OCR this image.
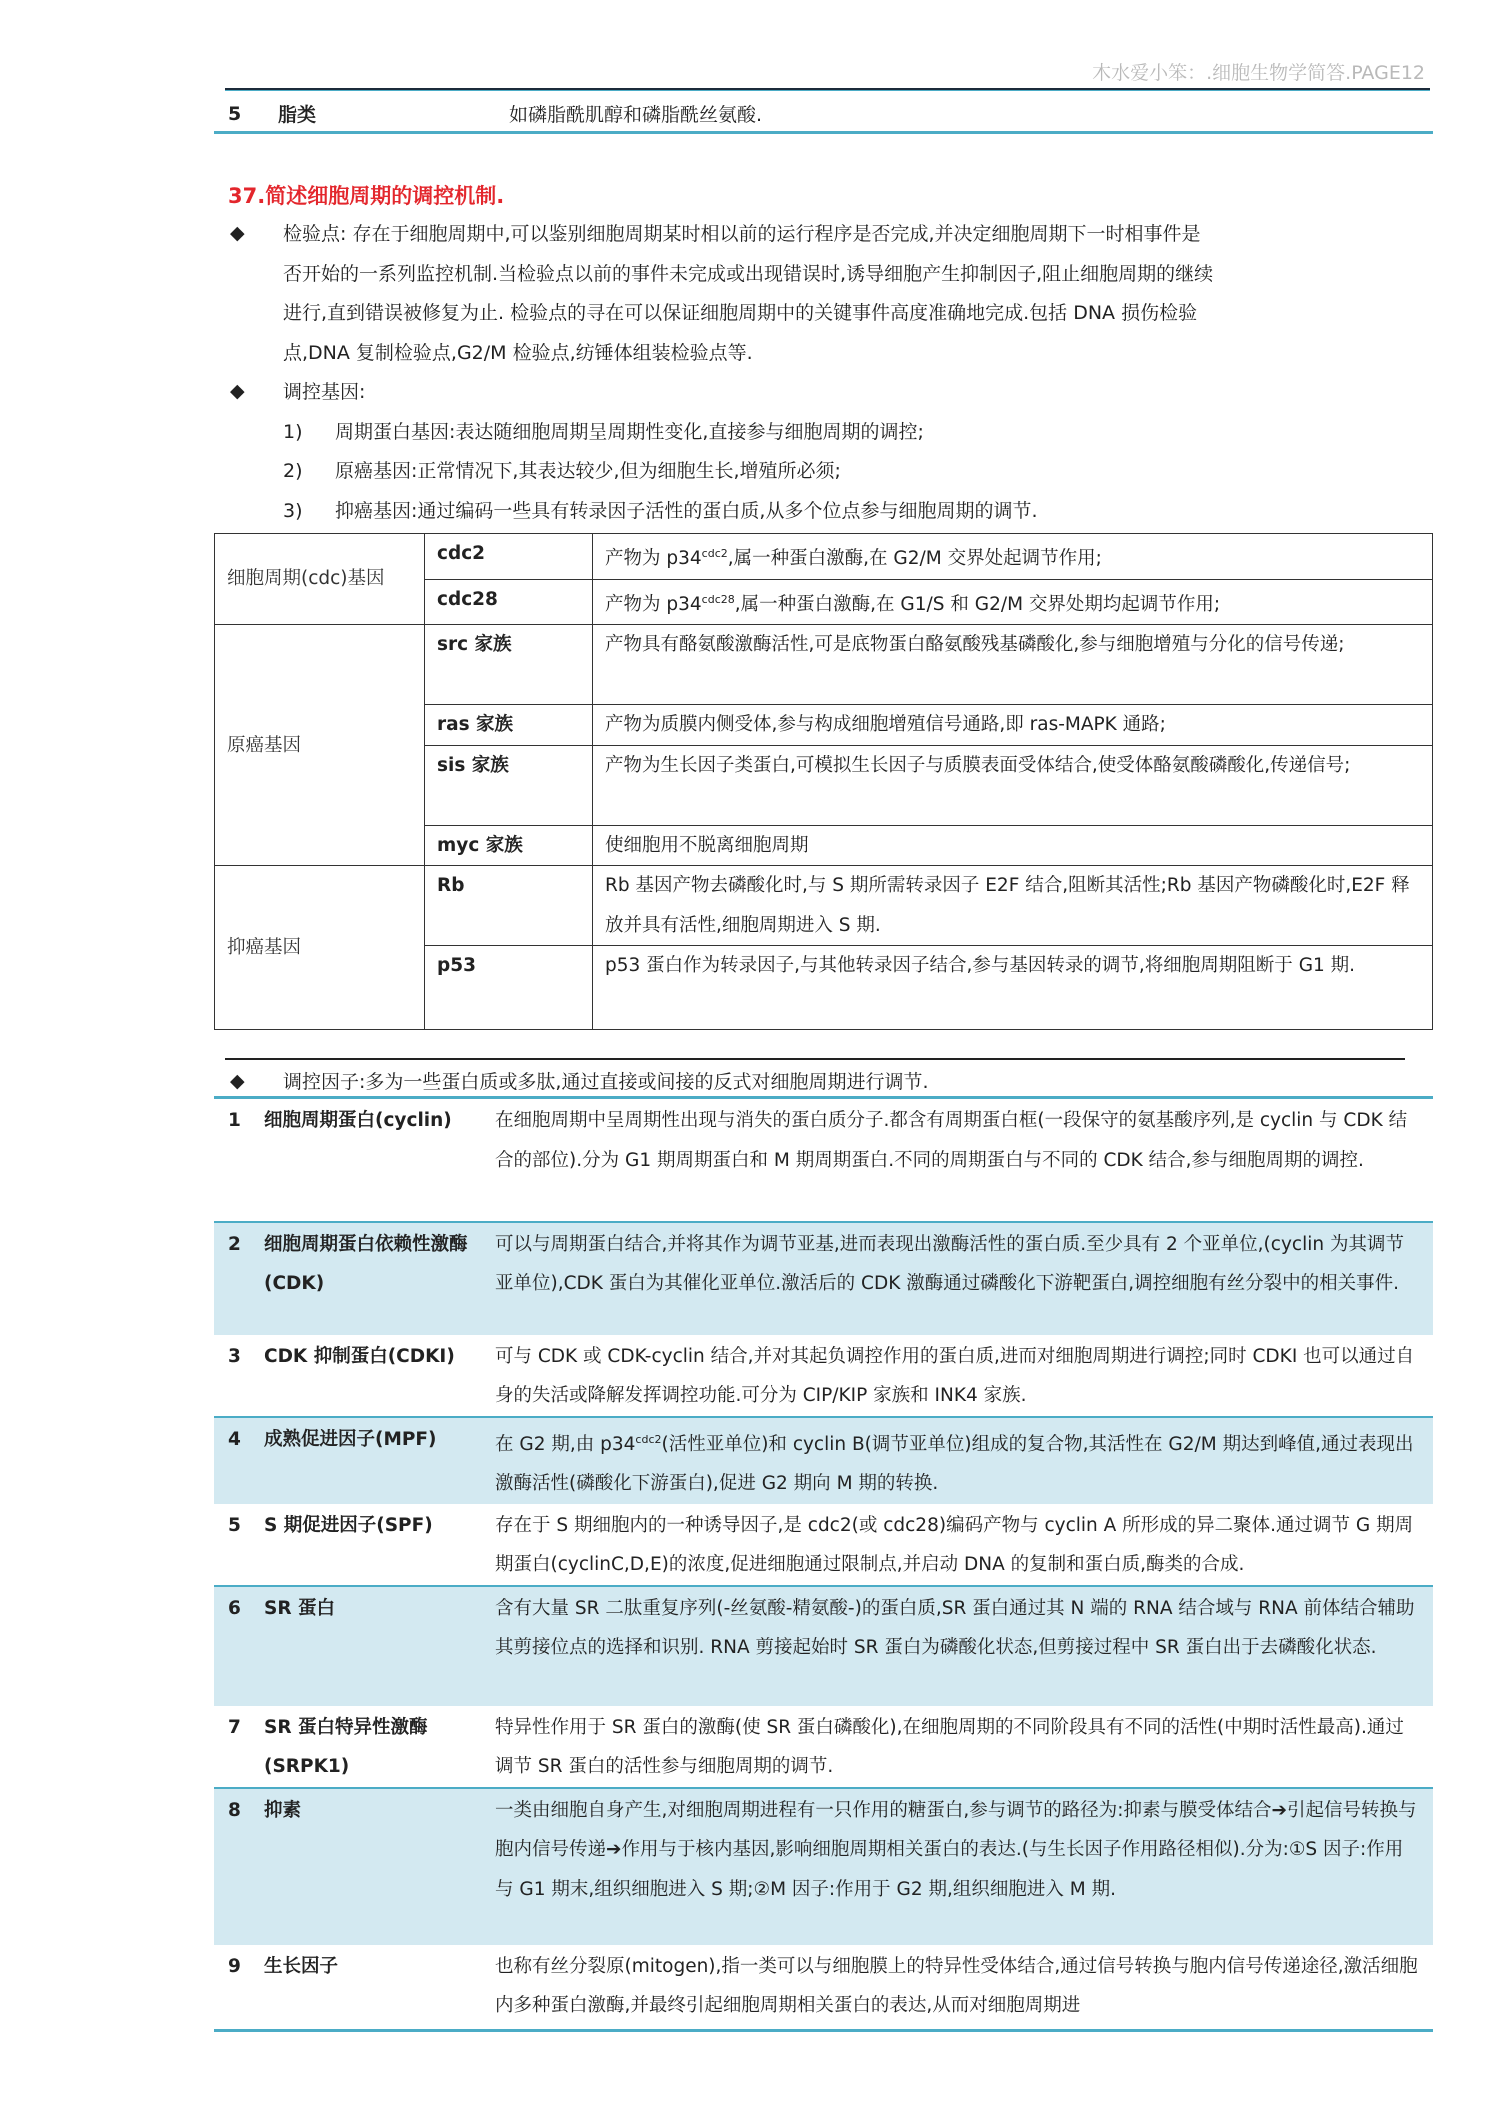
木水爱小笨：.细胞生物学简答.PAGE12
5	脂类	如磷脂酰肌醇和磷脂酰丝氨酸.
37.简述细胞周期的调控机制.
◆ 检验点: 存在于细胞周期中,可以鉴别细胞周期某时相以前的运行程序是否完成,并决定细胞周期下一时相事件是
否开始的一系列监控机制.当检验点以前的事件未完成或出现错误时,诱导细胞产生抑制因子,阻止细胞周期的继续
进行,直到错误被修复为止. 检验点的寻在可以保证细胞周期中的关键事件高度准确地完成.包括 DNA 损伤检验
点,DNA 复制检验点,G2/M 检验点,纺锤体组装检验点等.
◆ 调控基因:
1) 周期蛋白基因:表达随细胞周期呈周期性变化,直接参与细胞周期的调控;
2) 原癌基因:正常情况下,其表达较少,但为细胞生长,增殖所必须;
3) 抑癌基因:通过编码一些具有转录因子活性的蛋白质,从多个位点参与细胞周期的调节.
细胞周期(cdc)基因	cdc2	产物为 $p34^{cdc2}$,属一种蛋白激酶,在 G2/M 交界处起调节作用;
	cdc28	产物为 $p34^{cdc28}$,属一种蛋白激酶,在 G1/S 和 G2/M 交界处期均起调节作用;
原癌基因	src 家族	产物具有酪氨酸激酶活性,可是底物蛋白酪氨酸残基磷酸化,参与细胞增殖与分化的信号传递;
	ras 家族	产物为质膜内侧受体,参与构成细胞增殖信号通路,即 ras-MAPK 通路;
	sis 家族	产物为生长因子类蛋白,可模拟生长因子与质膜表面受体结合,使受体酪氨酸磷酸化,传递信号;
	myc 家族	使细胞用不脱离细胞周期
抑癌基因	Rb	Rb 基因产物去磷酸化时,与 S 期所需转录因子 E2F 结合,阻断其活性;Rb 基因产物磷酸化时,E2F 释放并具有活性,细胞周期进入 S 期.
	p53	p53 蛋白作为转录因子,与其他转录因子结合,参与基因转录的调节,将细胞周期阻断于 G1 期.
◆ 调控因子:多为一些蛋白质或多肽,通过直接或间接的反式对细胞周期进行调节.
1	细胞周期蛋白(cyclin)	在细胞周期中呈周期性出现与消失的蛋白质分子.都含有周期蛋白框(一段保守的氨基酸序列,是 cyclin 与 CDK 结合的部位).分为 G1 期周期蛋白和 M 期周期蛋白.不同的周期蛋白与不同的 CDK 结合,参与细胞周期的调控.
2	细胞周期蛋白依赖性激酶(CDK)	可以与周期蛋白结合,并将其作为调节亚基,进而表现出激酶活性的蛋白质.至少具有 2 个亚单位,(cyclin 为其调节亚单位),CDK 蛋白为其催化亚单位.激活后的 CDK 激酶通过磷酸化下游靶蛋白,调控细胞有丝分裂中的相关事件.
3	CDK 抑制蛋白(CDKI)	可与 CDK 或 CDK-cyclin 结合,并对其起负调控作用的蛋白质,进而对细胞周期进行调控;同时 CDKI 也可以通过自身的失活或降解发挥调控功能.可分为 CIP/KIP 家族和 INK4 家族.
4	成熟促进因子(MPF)	在 G2 期,由 $p34^{cdc2}$(活性亚单位)和 cyclin B(调节亚单位)组成的复合物,其活性在 G2/M 期达到峰值,通过表现出激酶活性(磷酸化下游蛋白),促进 G2 期向 M 期的转换.
5	S 期促进因子(SPF)	存在于 S 期细胞内的一种诱导因子,是 cdc2(或 cdc28)编码产物与 cyclin A 所形成的异二聚体.通过调节 G 期周期蛋白(cyclinC,D,E)的浓度,促进细胞通过限制点,并启动 DNA 的复制和蛋白质,酶类的合成.
6	SR 蛋白	含有大量 SR 二肽重复序列(-丝氨酸-精氨酸-)的蛋白质,SR 蛋白通过其 N 端的 RNA 结合域与 RNA 前体结合辅助其剪接位点的选择和识别. RNA 剪接起始时 SR 蛋白为磷酸化状态,但剪接过程中 SR 蛋白出于去磷酸化状态.
7	SR 蛋白特异性激酶(SRPK1)	特异性作用于 SR 蛋白的激酶(使 SR 蛋白磷酸化),在细胞周期的不同阶段具有不同的活性(中期时活性最高).通过调节 SR 蛋白的活性参与细胞周期的调节.
8	抑素	一类由细胞自身产生,对细胞周期进程有一只作用的糖蛋白,参与调节的路径为:抑素与膜受体结合➔引起信号转换与胞内信号传递➔作用与于核内基因,影响细胞周期相关蛋白的表达.(与生长因子作用路径相似).分为:①S 因子:作用与 G1 期末,组织细胞进入 S 期;②M 因子:作用于 G2 期,组织细胞进入 M 期.
9	生长因子	也称有丝分裂原(mitogen),指一类可以与细胞膜上的特异性受体结合,通过信号转换与胞内信号传递途径,激活细胞内多种蛋白激酶,并最终引起细胞周期相关蛋白的表达,从而对细胞周期进
